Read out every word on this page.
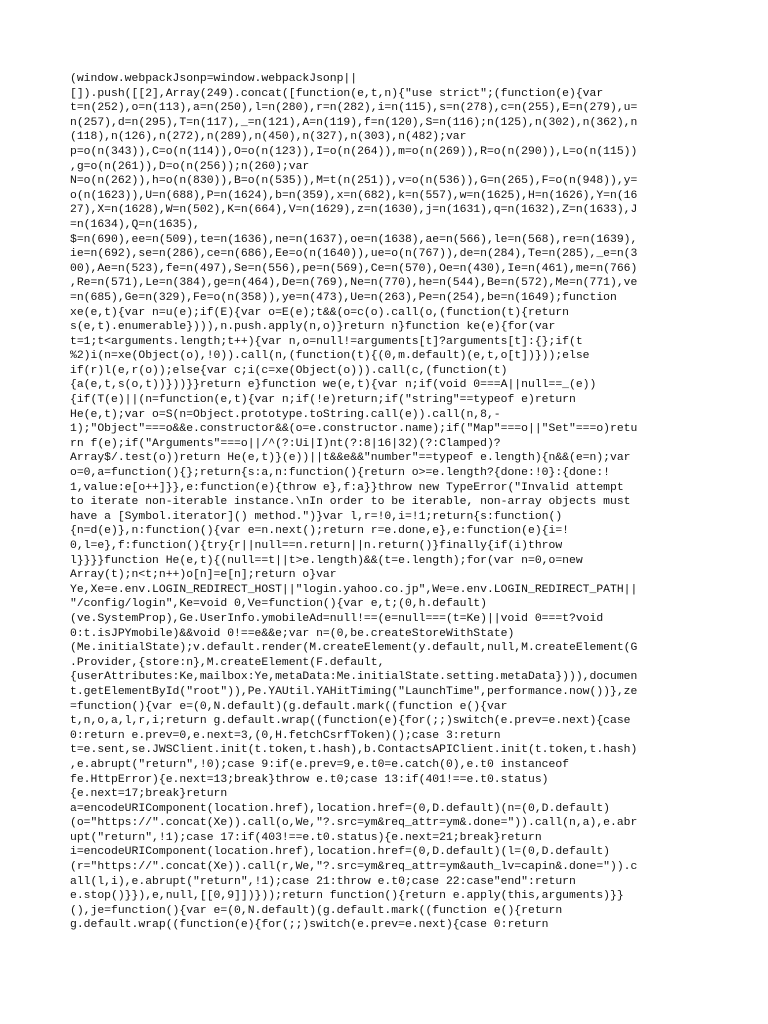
(window.webpackJsonp=window.webpackJsonp||
[]).push([[2],Array(249).concat([function(e,t,n){"use strict";(function(e){var
t=n(252),o=n(113),a=n(250),l=n(280),r=n(282),i=n(115),s=n(278),c=n(255),E=n(279),u=
n(257),d=n(295),T=n(117),_=n(121),A=n(119),f=n(120),S=n(116);n(125),n(302),n(362),n
(118),n(126),n(272),n(289),n(450),n(327),n(303),n(482);var
p=o(n(343)),C=o(n(114)),O=o(n(123)),I=o(n(264)),m=o(n(269)),R=o(n(290)),L=o(n(115))
,g=o(n(261)),D=o(n(256));n(260);var
N=o(n(262)),h=o(n(830)),B=o(n(535)),M=t(n(251)),v=o(n(536)),G=n(265),F=o(n(948)),y=
o(n(1623)),U=n(688),P=n(1624),b=n(359),x=n(682),k=n(557),w=n(1625),H=n(1626),Y=n(16
27),X=n(1628),W=n(502),K=n(664),V=n(1629),z=n(1630),j=n(1631),q=n(1632),Z=n(1633),J
=n(1634),Q=n(1635),
$=n(690),ee=n(509),te=n(1636),ne=n(1637),oe=n(1638),ae=n(566),le=n(568),re=n(1639),
ie=n(692),se=n(286),ce=n(686),Ee=o(n(1640)),ue=o(n(767)),de=n(284),Te=n(285),_e=n(3
00),Ae=n(523),fe=n(497),Se=n(556),pe=n(569),Ce=n(570),Oe=n(430),Ie=n(461),me=n(766)
,Re=n(571),Le=n(384),ge=n(464),De=n(769),Ne=n(770),he=n(544),Be=n(572),Me=n(771),ve
=n(685),Ge=n(329),Fe=o(n(358)),ye=n(473),Ue=n(263),Pe=n(254),be=n(1649);function
xe(e,t){var n=u(e);if(E){var o=E(e);t&&(o=c(o).call(o,(function(t){return
s(e,t).enumerable}))),n.push.apply(n,o)}return n}function ke(e){for(var
t=1;t<arguments.length;t++){var n,o=null!=arguments[t]?arguments[t]:{};if(t
%2)i(n=xe(Object(o),!0)).call(n,(function(t){(0,m.default)(e,t,o[t])}));else
if(r)l(e,r(o));else{var c;i(c=xe(Object(o))).call(c,(function(t)
{a(e,t,s(o,t))}))}}return e}function we(e,t){var n;if(void 0===A||null==_(e))
{if(T(e)||(n=function(e,t){var n;if(!e)return;if("string"==typeof e)return
He(e,t);var o=S(n=Object.prototype.toString.call(e)).call(n,8,-
1);"Object"===o&&e.constructor&&(o=e.constructor.name);if("Map"===o||"Set"===o)retu
rn f(e);if("Arguments"===o||/^(?:Ui|I)nt(?:8|16|32)(?:Clamped)?
Array$/.test(o))return He(e,t)}(e))||t&&e&&"number"==typeof e.length){n&&(e=n);var
o=0,a=function(){};return{s:a,n:function(){return o>=e.length?{done:!0}:{done:!
1,value:e[o++]}},e:function(e){throw e},f:a}}throw new TypeError("Invalid attempt
to iterate non-iterable instance.\nIn order to be iterable, non-array objects must
have a [Symbol.iterator]() method.")}var l,r=!0,i=!1;return{s:function()
{n=d(e)},n:function(){var e=n.next();return r=e.done,e},e:function(e){i=!
0,l=e},f:function(){try{r||null==n.return||n.return()}finally{if(i)throw
l}}}}function He(e,t){(null==t||t>e.length)&&(t=e.length);for(var n=0,o=new
Array(t);n<t;n++)o[n]=e[n];return o}var
Ye,Xe=e.env.LOGIN_REDIRECT_HOST||"login.yahoo.co.jp",We=e.env.LOGIN_REDIRECT_PATH||
"/config/login",Ke=void 0,Ve=function(){var e,t;(0,h.default)
(ve.SystemProp),Ge.UserInfo.ymobileAd=null!==(e=null===(t=Ke)||void 0===t?void
0:t.isJPYmobile)&&void 0!==e&&e;var n=(0,be.createStoreWithState)
(Me.initialState);v.default.render(M.createElement(y.default,null,M.createElement(G
.Provider,{store:n},M.createElement(F.default,
{userAttributes:Ke,mailbox:Ye,metaData:Me.initialState.setting.metaData}))),documen
t.getElementById("root")),Pe.YAUtil.YAHitTiming("LaunchTime",performance.now())},ze
=function(){var e=(0,N.default)(g.default.mark((function e(){var
t,n,o,a,l,r,i;return g.default.wrap((function(e){for(;;)switch(e.prev=e.next){case
0:return e.prev=0,e.next=3,(0,H.fetchCsrfToken)();case 3:return
t=e.sent,se.JWSClient.init(t.token,t.hash),b.ContactsAPIClient.init(t.token,t.hash)
,e.abrupt("return",!0);case 9:if(e.prev=9,e.t0=e.catch(0),e.t0 instanceof
fe.HttpError){e.next=13;break}throw e.t0;case 13:if(401!==e.t0.status)
{e.next=17;break}return
a=encodeURIComponent(location.href),location.href=(0,D.default)(n=(0,D.default)
(o="https://".concat(Xe)).call(o,We,"?.src=ym&req_attr=ym&.done=")).call(n,a),e.abr
upt("return",!1);case 17:if(403!==e.t0.status){e.next=21;break}return
i=encodeURIComponent(location.href),location.href=(0,D.default)(l=(0,D.default)
(r="https://".concat(Xe)).call(r,We,"?.src=ym&req_attr=ym&auth_lv=capin&.done=")).c
all(l,i),e.abrupt("return",!1);case 21:throw e.t0;case 22:case"end":return
e.stop()}}),e,null,[[0,9]])}));return function(){return e.apply(this,arguments)}}
(),je=function(){var e=(0,N.default)(g.default.mark((function e(){return
g.default.wrap((function(e){for(;;)switch(e.prev=e.next){case 0:return
